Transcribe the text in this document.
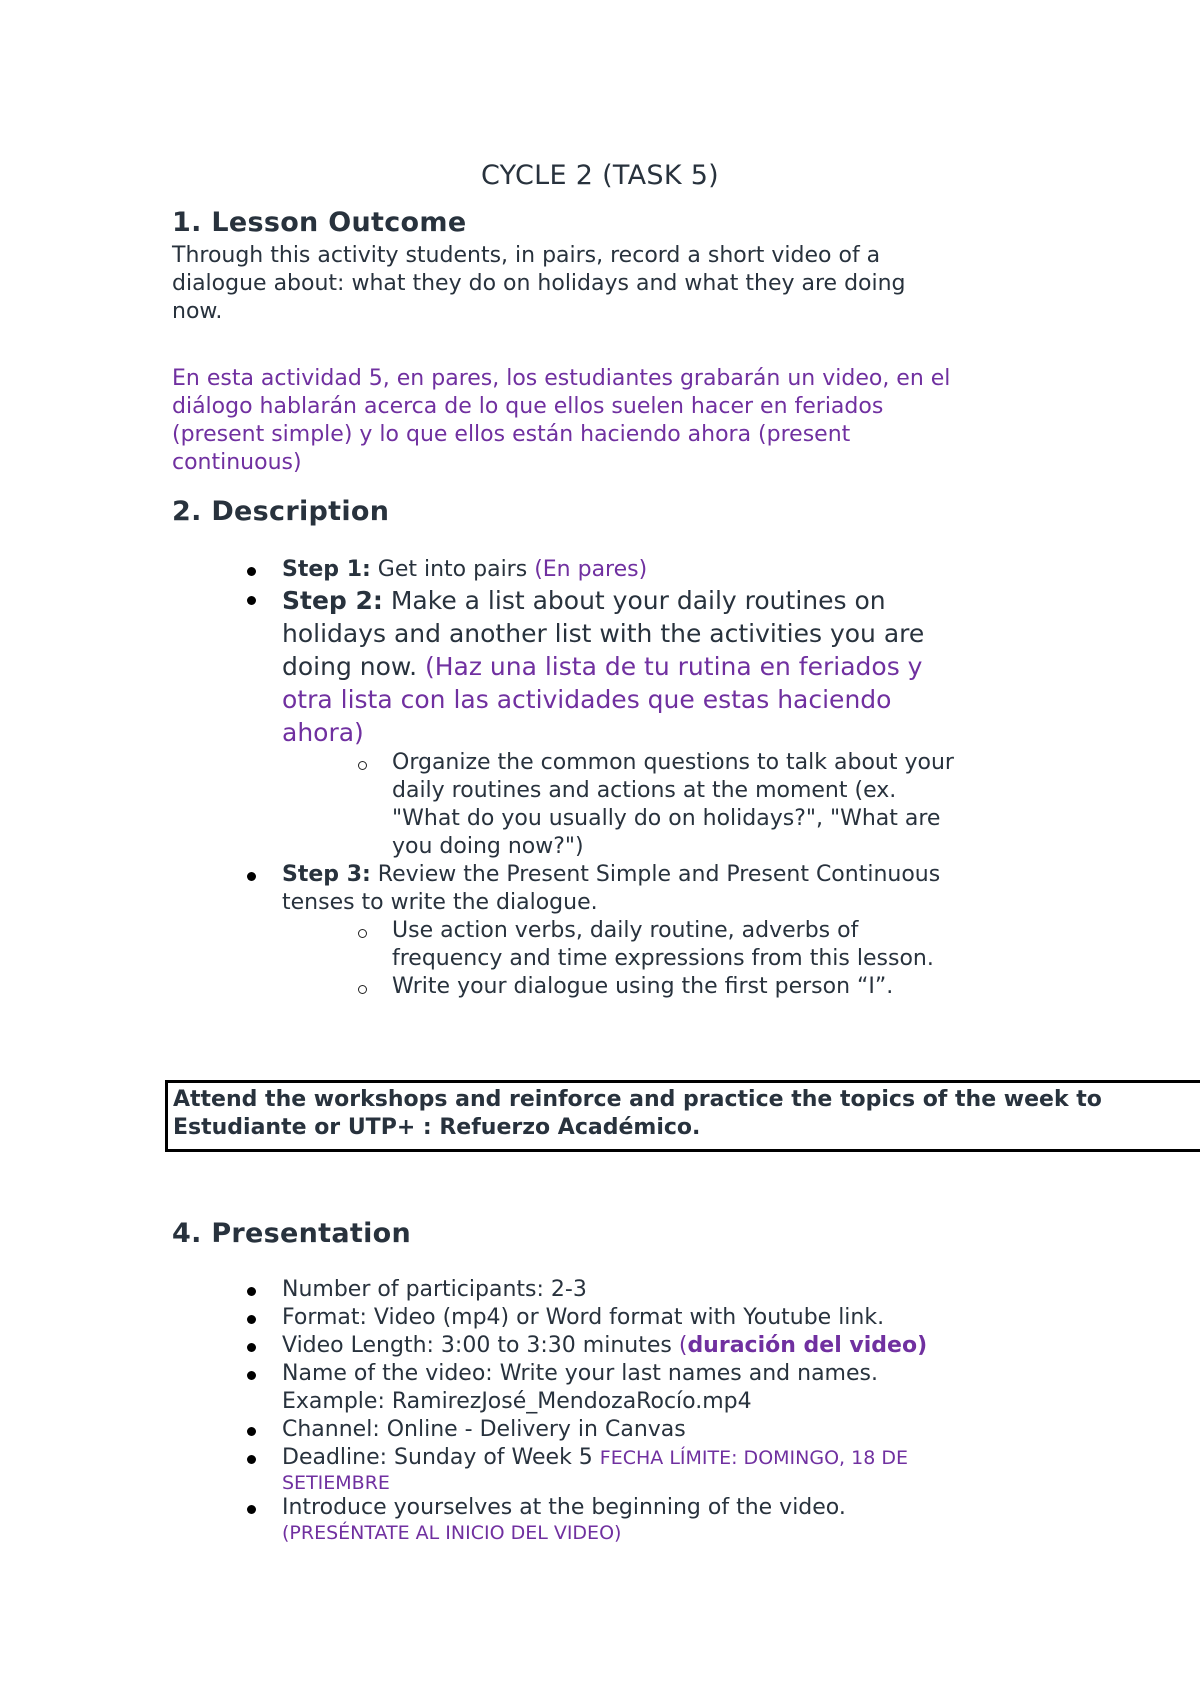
CYCLE 2 (TASK 5)
1. Lesson Outcome
Through this activity students, in pairs, record a short video of a
dialogue about: what they do on holidays and what they are doing
now.
En esta actividad 5, en pares, los estudiantes grabarán un video, en el
diálogo hablarán acerca de lo que ellos suelen hacer en feriados
(present simple) y lo que ellos están haciendo ahora (present
continuous)
2. Description
Step 1: Get into pairs (En pares)
Step 2: Make a list about your daily routines on
holidays and another list with the activities you are
doing now. (Haz una lista de tu rutina en feriados y
otra lista con las actividades que estas haciendo
ahora)
Organize the common questions to talk about your
daily routines and actions at the moment (ex.
"What do you usually do on holidays?", "What are
you doing now?")
Step 3: Review the Present Simple and Present Continuous
tenses to write the dialogue.
Use action verbs, daily routine, adverbs of
frequency and time expressions from this lesson.
Write your dialogue using the first person “I”.
Attend the workshops and reinforce and practice the topics of the week to
Estudiante or UTP+ : Refuerzo Académico.
4. Presentation
Number of participants: 2-3
Format: Video (mp4) or Word format with Youtube link.
Video Length: 3:00 to 3:30 minutes (duración del video)
Name of the video: Write your last names and names.
Example: RamirezJosé_MendozaRocío.mp4
Channel: Online - Delivery in Canvas
Deadline: Sunday of Week 5 FECHA LÍMITE: DOMINGO, 18 DE
SETIEMBRE
Introduce yourselves at the beginning of the video.
(PRESÉNTATE AL INICIO DEL VIDEO)
